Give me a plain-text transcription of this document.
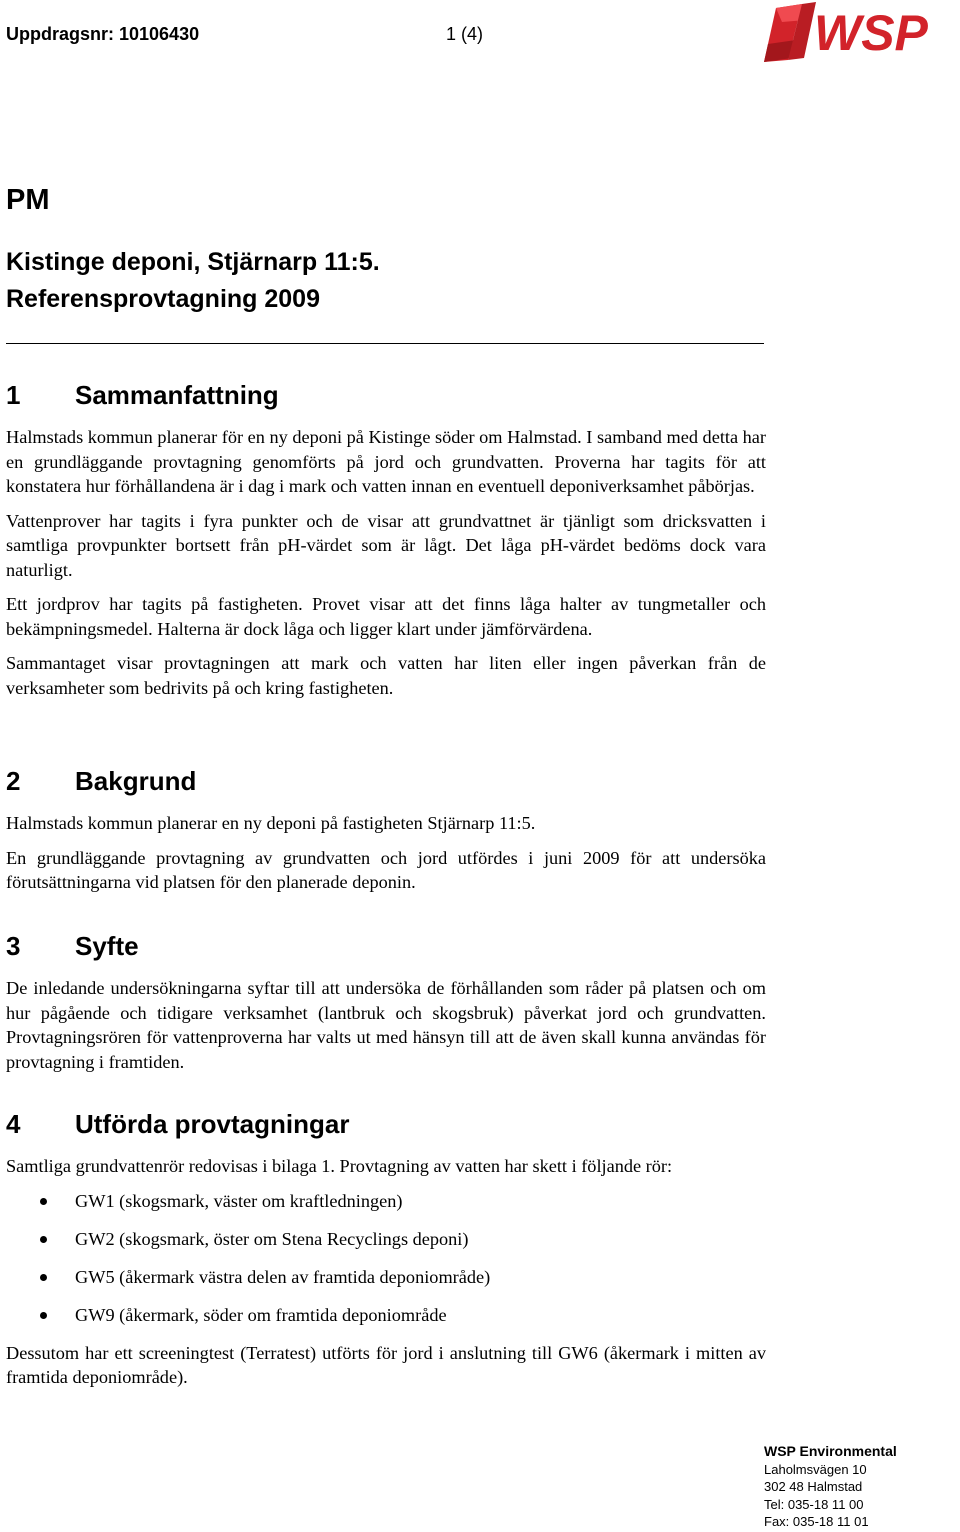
Uppdragsnr: 10106430	1 (4)	WSP
PM
Kistinge deponi, Stjärnarp 11:5.
Referensprovtagning 2009
1	Sammanfattning

Halmstads kommun planerar för en ny deponi på Kistinge söder om Halmstad. I samband med detta har en grundläggande provtagning genomförts på jord och grundvatten. Proverna har tagits för att konstatera hur förhållandena är i dag i mark och vatten innan en eventuell deponiverksamhet påbörjas.

Vattenprover har tagits i fyra punkter och de visar att grundvattnet är tjänligt som dricksvatten i samtliga provpunkter bortsett från pH-värdet som är lågt. Det låga pH-värdet bedöms dock vara naturligt.

Ett jordprov har tagits på fastigheten. Provet visar att det finns låga halter av tungmetaller och bekämpningsmedel. Halterna är dock låga och ligger klart under jämförvärdena.

Sammantaget visar provtagningen att mark och vatten har liten eller ingen påverkan från de verksamheter som bedrivits på och kring fastigheten.

2	Bakgrund

Halmstads kommun planerar en ny deponi på fastigheten Stjärnarp 11:5.

En grundläggande provtagning av grundvatten och jord utfördes i juni 2009 för att undersöka förutsättningarna vid platsen för den planerade deponin.

3	Syfte

De inledande undersökningarna syftar till att undersöka de förhållanden som råder på platsen och om hur pågående och tidigare verksamhet (lantbruk och skogsbruk) påverkat jord och grundvatten. Provtagningsrören för vattenproverna har valts ut med hänsyn till att de även skall kunna användas för provtagning i framtiden.

4	Utförda provtagningar

Samtliga grundvattenrör redovisas i bilaga 1. Provtagning av vatten har skett i följande rör:

GW1 (skogsmark, väster om kraftledningen)
GW2 (skogsmark, öster om Stena Recyclings deponi)
GW5 (åkermark västra delen av framtida deponiområde)
GW9 (åkermark, söder om framtida deponiområde

Dessutom har ett screeningtest (Terratest) utförts för jord i anslutning till GW6 (åkermark i mitten av framtida deponiområde).

WSP Environmental
Laholmsvägen 10
302 48 Halmstad
Tel: 035-18 11 00
Fax: 035-18 11 01
